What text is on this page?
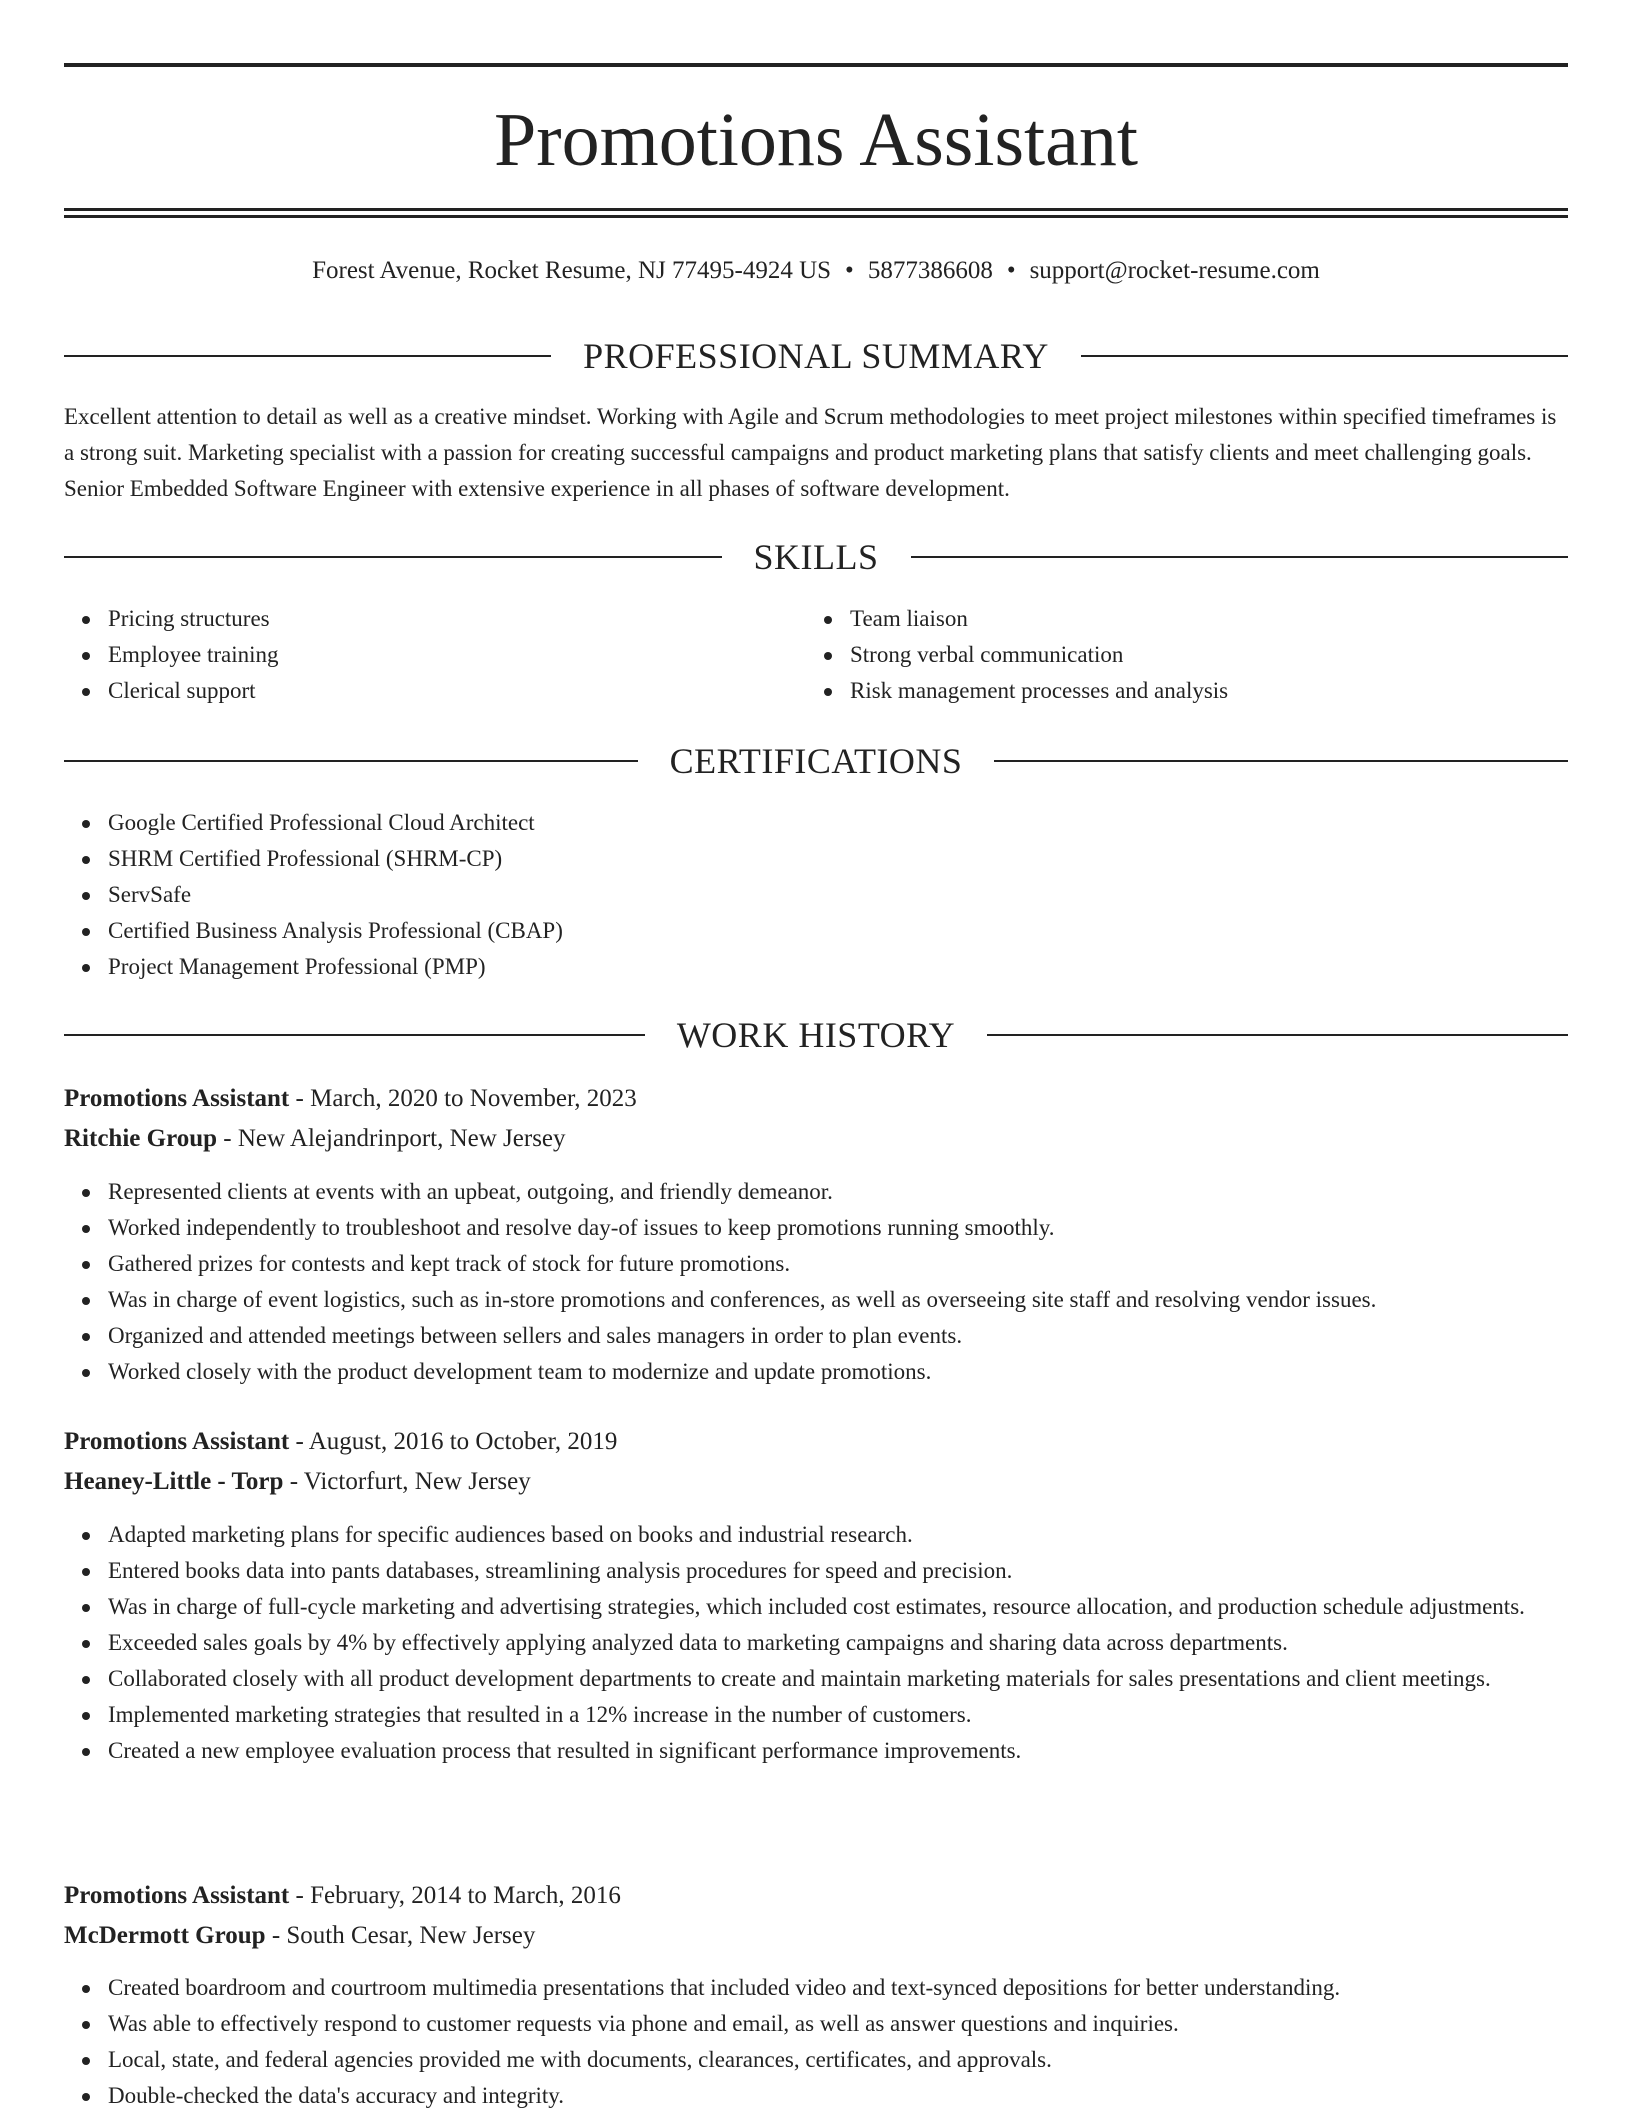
Promotions Assistant
Forest Avenue, Rocket Resume, NJ 77495-4924 US • 5877386608 • support@rocket-resume.com
PROFESSIONAL SUMMARY

Excellent attention to detail as well as a creative mindset. Working with Agile and Scrum methodologies to meet project milestones within specified timeframes is a strong suit. Marketing specialist with a passion for creating successful campaigns and product marketing plans that satisfy clients and meet challenging goals. Senior Embedded Software Engineer with extensive experience in all phases of software development.

SKILLS
Pricing structures
Employee training
Clerical support
Team liaison
Strong verbal communication
Risk management processes and analysis
CERTIFICATIONS
Google Certified Professional Cloud Architect
SHRM Certified Professional (SHRM-CP)
ServSafe
Certified Business Analysis Professional (CBAP)
Project Management Professional (PMP)
WORK HISTORY
Promotions Assistant - March, 2020 to November, 2023
Ritchie Group - New Alejandrinport, New Jersey
Represented clients at events with an upbeat, outgoing, and friendly demeanor.
Worked independently to troubleshoot and resolve day-of issues to keep promotions running smoothly.
Gathered prizes for contests and kept track of stock for future promotions.
Was in charge of event logistics, such as in-store promotions and conferences, as well as overseeing site staff and resolving vendor issues.
Organized and attended meetings between sellers and sales managers in order to plan events.
Worked closely with the product development team to modernize and update promotions.
Promotions Assistant - August, 2016 to October, 2019
Heaney-Little - Torp - Victorfurt, New Jersey
Adapted marketing plans for specific audiences based on books and industrial research.
Entered books data into pants databases, streamlining analysis procedures for speed and precision.
Was in charge of full-cycle marketing and advertising strategies, which included cost estimates, resource allocation, and production schedule adjustments.
Exceeded sales goals by 4% by effectively applying analyzed data to marketing campaigns and sharing data across departments.
Collaborated closely with all product development departments to create and maintain marketing materials for sales presentations and client meetings.
Implemented marketing strategies that resulted in a 12% increase in the number of customers.
Created a new employee evaluation process that resulted in significant performance improvements.
Promotions Assistant - February, 2014 to March, 2016
McDermott Group - South Cesar, New Jersey
Created boardroom and courtroom multimedia presentations that included video and text-synced depositions for better understanding.
Was able to effectively respond to customer requests via phone and email, as well as answer questions and inquiries.
Local, state, and federal agencies provided me with documents, clearances, certificates, and approvals.
Double-checked the data's accuracy and integrity.
